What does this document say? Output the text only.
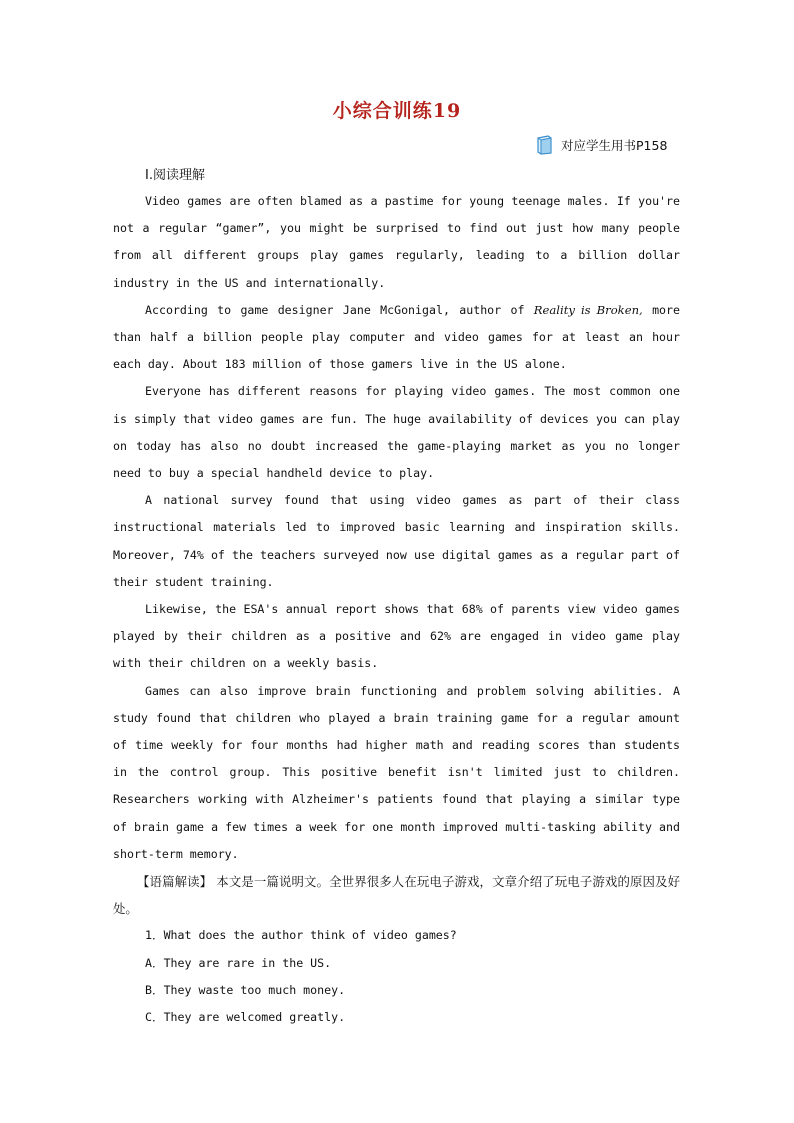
小综合训练19
对应学生用书P158
Ⅰ.阅读理解

Video games are often blamed as a pastime for young teenage males. If you're not a regular “gamer”, you might be surprised to find out just how many people from all different groups play games regularly, leading to a billion dollar industry in the US and internationally.

According to game designer Jane McGonigal, author of Reality is Broken, more than half a billion people play computer and video games for at least an hour each day. About 183 million of those gamers live in the US alone.

Everyone has different reasons for playing video games. The most common one is simply that video games are fun. The huge availability of devices you can play on today has also no doubt increased the game-playing market as you no longer need to buy a special handheld device to play.

A national survey found that using video games as part of their class instructional materials led to improved basic learning and inspiration skills. Moreover, 74% of the teachers surveyed now use digital games as a regular part of their student training.

Likewise, the ESA's annual report shows that 68% of parents view video games played by their children as a positive and 62% are engaged in video game play with their children on a weekly basis.

Games can also improve brain functioning and problem solving abilities. A study found that children who played a brain training game for a regular amount of time weekly for four months had higher math and reading scores than students in the control group. This positive benefit isn't limited just to children. Researchers working with Alzheimer's patients found that playing a similar type of brain game a few times a week for one month improved multi-tasking ability and short-term memory.

【语篇解读】 本文是一篇说明文。全世界很多人在玩电子游戏，文章介绍了玩电子游戏的原因及好处。

1．What does the author think of video games?

A．They are rare in the US.

B．They waste too much money.

C．They are welcomed greatly.
